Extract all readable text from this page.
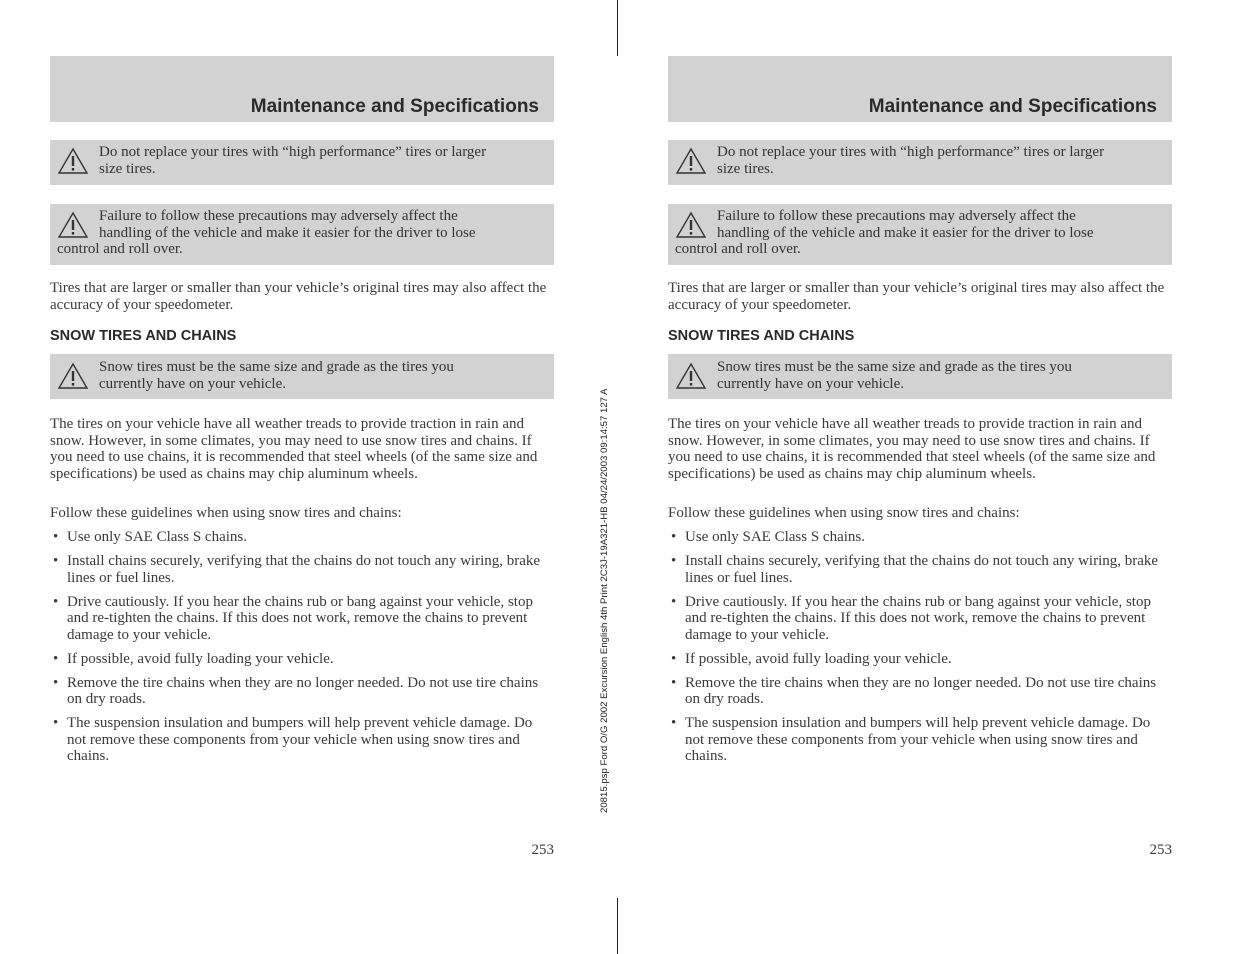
Maintenance and Specifications
Do not replace your tires with “high performance” tires or larger
size tires.
Failure to follow these precautions may adversely affect the
handling of the vehicle and make it easier for the driver to lose
control and roll over.

Tires that are larger or smaller than your vehicle’s original tires may also affect the accuracy of your speedometer.

SNOW TIRES AND CHAINS
Snow tires must be the same size and grade as the tires you
currently have on your vehicle.

The tires on your vehicle have all weather treads to provide traction in rain and snow. However, in some climates, you may need to use snow tires and chains. If you need to use chains, it is recommended that steel wheels (of the same size and specifications) be used as chains may chip aluminum wheels.

Follow these guidelines when using snow tires and chains:

• Use only SAE Class S chains.
• Install chains securely, verifying that the chains do not touch any wiring, brake lines or fuel lines.
• Drive cautiously. If you hear the chains rub or bang against your vehicle, stop and re-tighten the chains. If this does not work, remove the chains to prevent damage to your vehicle.
• If possible, avoid fully loading your vehicle.
• Remove the tire chains when they are no longer needed. Do not use tire chains on dry roads.
• The suspension insulation and bumpers will help prevent vehicle damage. Do not remove these components from your vehicle when using snow tires and chains.
253
Maintenance and Specifications
Do not replace your tires with “high performance” tires or larger
size tires.
Failure to follow these precautions may adversely affect the
handling of the vehicle and make it easier for the driver to lose
control and roll over.

Tires that are larger or smaller than your vehicle’s original tires may also affect the accuracy of your speedometer.

SNOW TIRES AND CHAINS
Snow tires must be the same size and grade as the tires you
currently have on your vehicle.

The tires on your vehicle have all weather treads to provide traction in rain and snow. However, in some climates, you may need to use snow tires and chains. If you need to use chains, it is recommended that steel wheels (of the same size and specifications) be used as chains may chip aluminum wheels.

Follow these guidelines when using snow tires and chains:

• Use only SAE Class S chains.
• Install chains securely, verifying that the chains do not touch any wiring, brake lines or fuel lines.
• Drive cautiously. If you hear the chains rub or bang against your vehicle, stop and re-tighten the chains. If this does not work, remove the chains to prevent damage to your vehicle.
• If possible, avoid fully loading your vehicle.
• Remove the tire chains when they are no longer needed. Do not use tire chains on dry roads.
• The suspension insulation and bumpers will help prevent vehicle damage. Do not remove these components from your vehicle when using snow tires and chains.
253
20815.psp Ford O/G 2002 Excursion English 4th Print 2C3J-19A321-HB 04/24/2003 09:14:57 127 A
